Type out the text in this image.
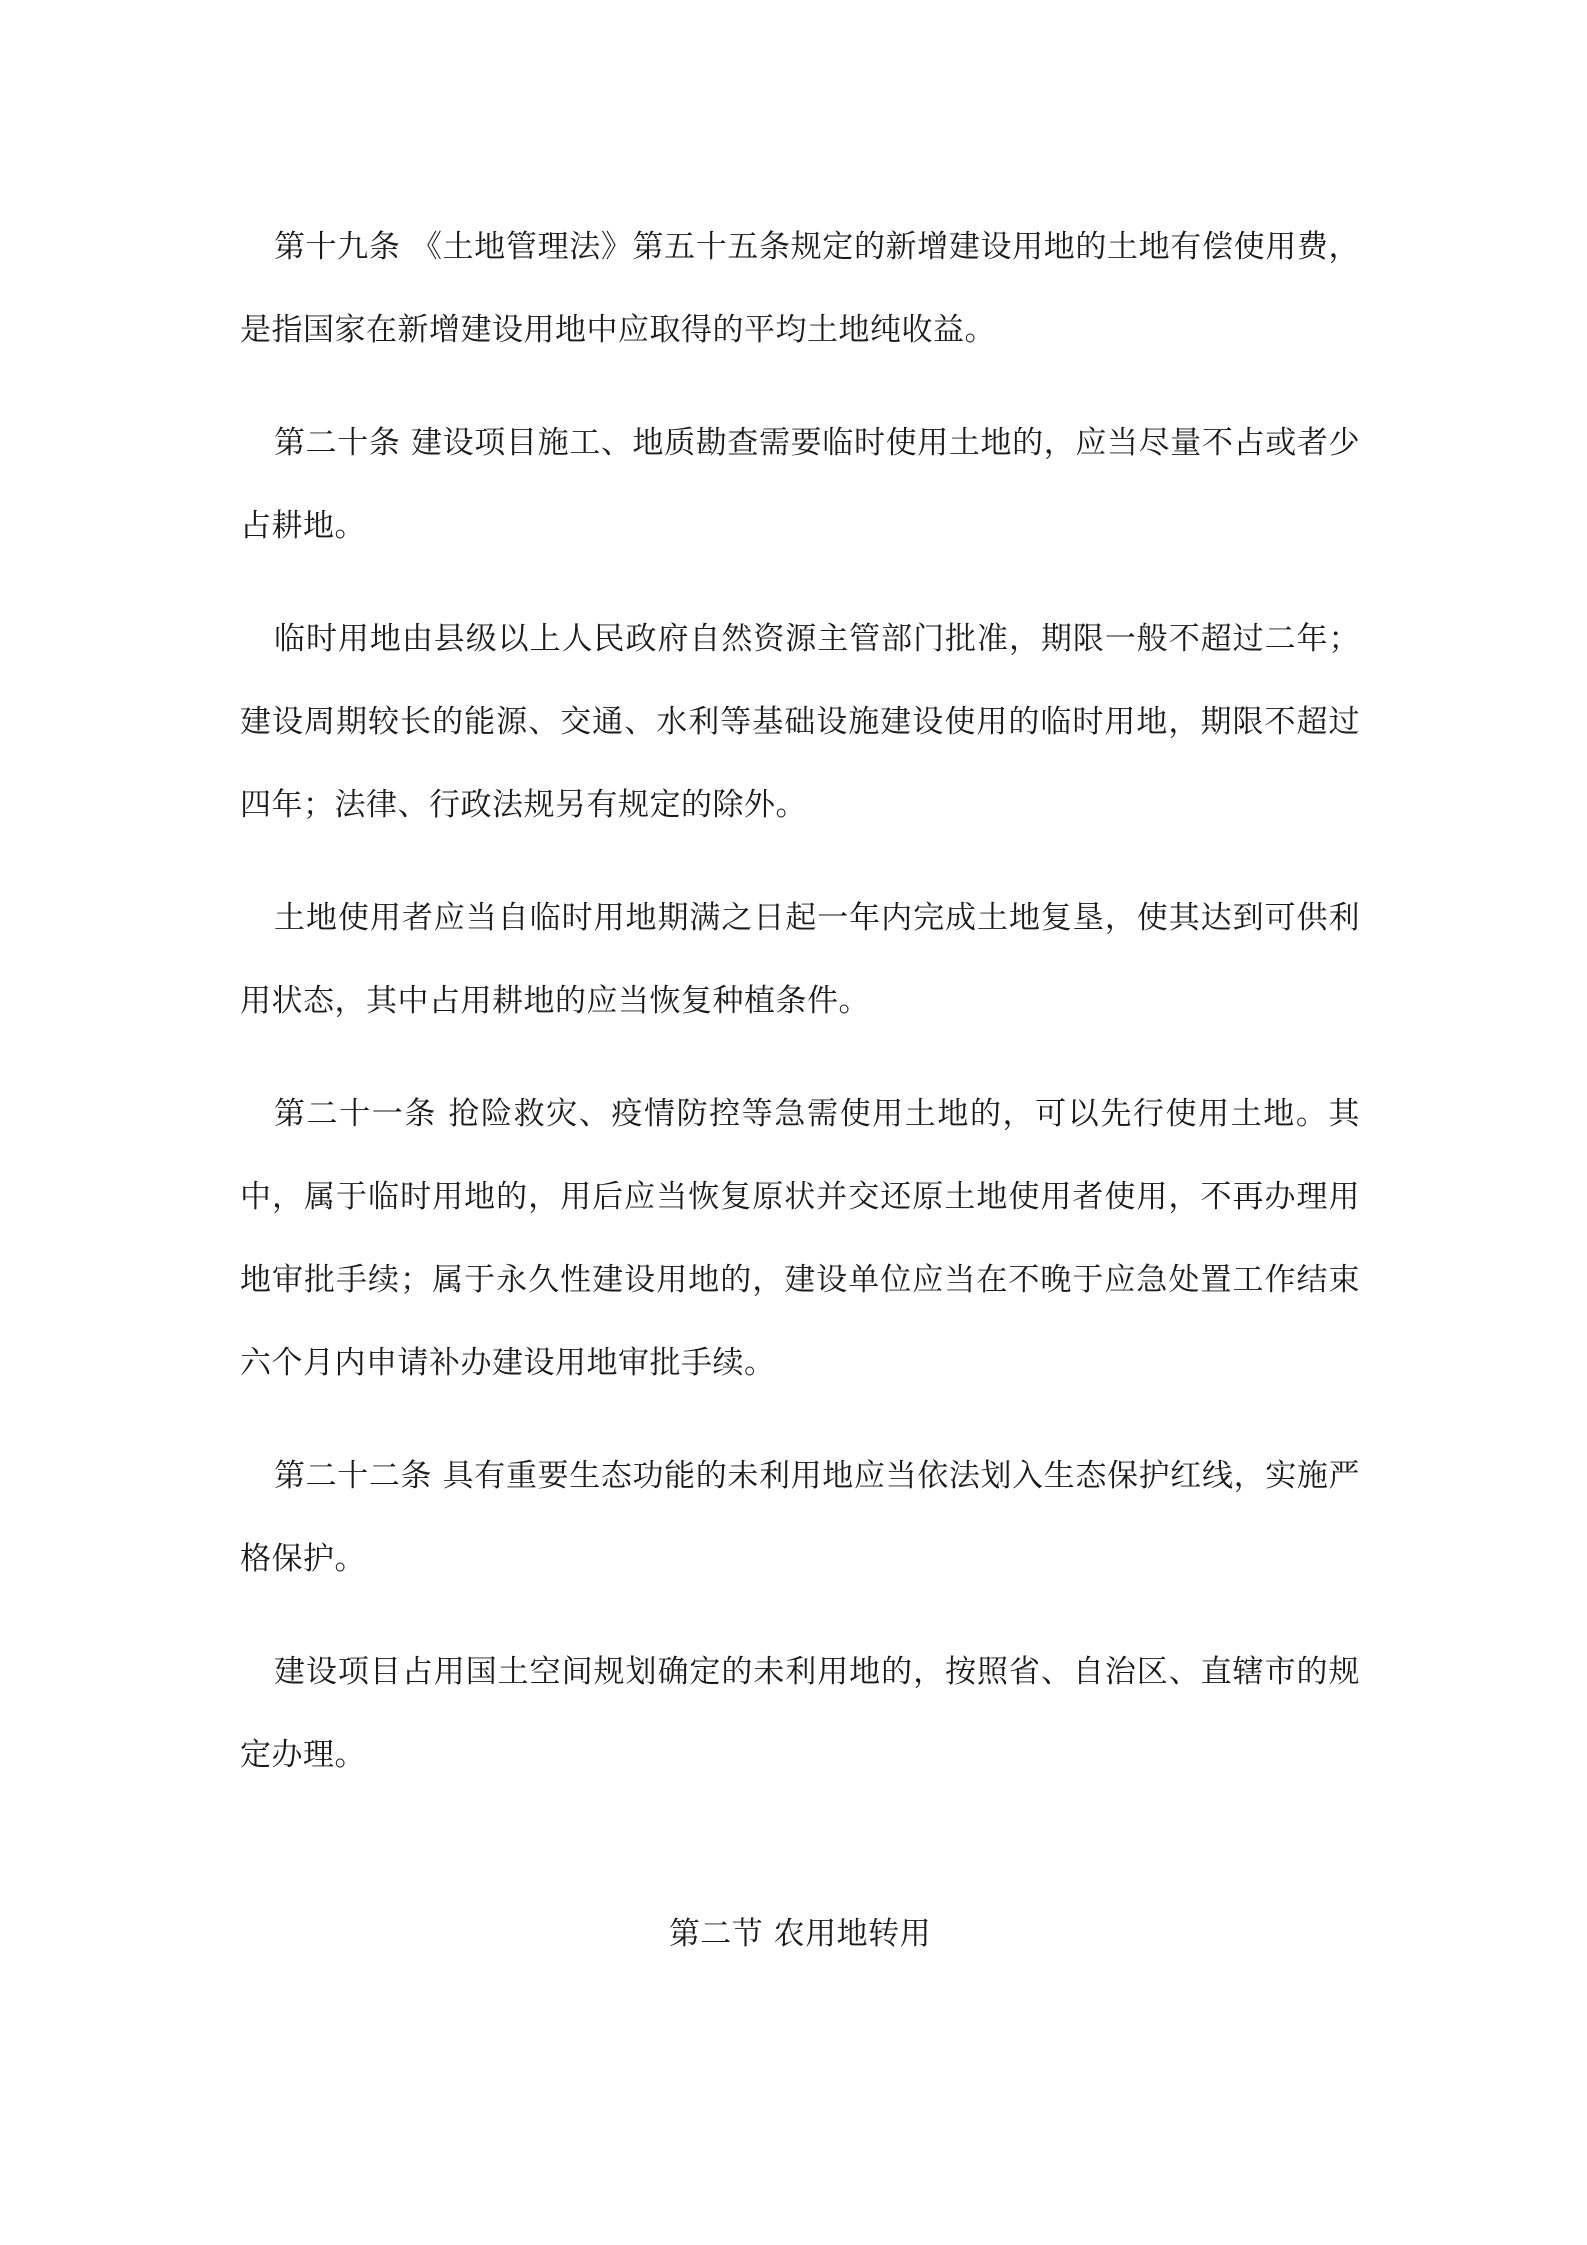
第十九条 《土地管理法》第五十五条规定的新增建设用地的土地有偿使用费，是指国家在新增建设用地中应取得的平均土地纯收益。

第二十条 建设项目施工、地质勘查需要临时使用土地的，应当尽量不占或者少占耕地。

临时用地由县级以上人民政府自然资源主管部门批准，期限一般不超过二年；建设周期较长的能源、交通、水利等基础设施建设使用的临时用地，期限不超过四年；法律、行政法规另有规定的除外。

土地使用者应当自临时用地期满之日起一年内完成土地复垦，使其达到可供利用状态，其中占用耕地的应当恢复种植条件。

第二十一条 抢险救灾、疫情防控等急需使用土地的，可以先行使用土地。其中，属于临时用地的，用后应当恢复原状并交还原土地使用者使用，不再办理用地审批手续；属于永久性建设用地的，建设单位应当在不晚于应急处置工作结束六个月内申请补办建设用地审批手续。

第二十二条 具有重要生态功能的未利用地应当依法划入生态保护红线，实施严格保护。

建设项目占用国土空间规划确定的未利用地的，按照省、自治区、直辖市的规定办理。

第二节 农用地转用
